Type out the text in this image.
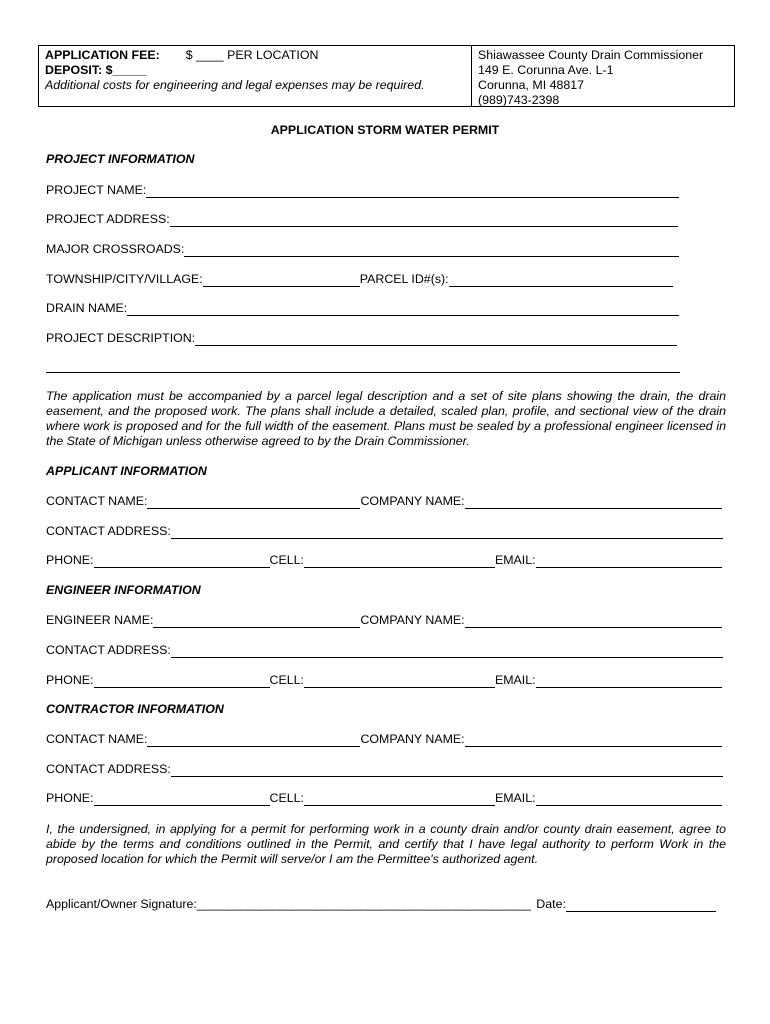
APPLICATION FEE: $ ____ PER LOCATION
DEPOSIT: $_____
Additional costs for engineering and legal expenses may be required.
Shiawassee County Drain Commissioner
149 E. Corunna Ave. L-1
Corunna, MI 48817
(989)743-2398
APPLICATION STORM WATER PERMIT
PROJECT INFORMATION
PROJECT NAME:
PROJECT ADDRESS:
MAJOR CROSSROADS:
TOWNSHIP/CITY/VILLAGE:	PARCEL ID#(s):
DRAIN NAME:
PROJECT DESCRIPTION:
The application must be accompanied by a parcel legal description and a set of site plans showing the drain, the drain easement, and the proposed work. The plans shall include a detailed, scaled plan, profile, and sectional view of the drain where work is proposed and for the full width of the easement. Plans must be sealed by a professional engineer licensed in the State of Michigan unless otherwise agreed to by the Drain Commissioner.
APPLICANT INFORMATION
CONTACT NAME:	COMPANY NAME:
CONTACT ADDRESS:
PHONE:	CELL:	EMAIL:
ENGINEER INFORMATION
ENGINEER NAME:	COMPANY NAME:
CONTACT ADDRESS:
PHONE:	CELL:	EMAIL:
CONTRACTOR INFORMATION
CONTACT NAME:	COMPANY NAME:
CONTACT ADDRESS:
PHONE:	CELL:	EMAIL:
I, the undersigned, in applying for a permit for performing work in a county drain and/or county drain easement, agree to abide by the terms and conditions outlined in the Permit, and certify that I have legal authority to perform Work in the proposed location for which the Permit will serve/or I am the Permittee's authorized agent.
Applicant/Owner Signature: _____________________________________________________ Date:
